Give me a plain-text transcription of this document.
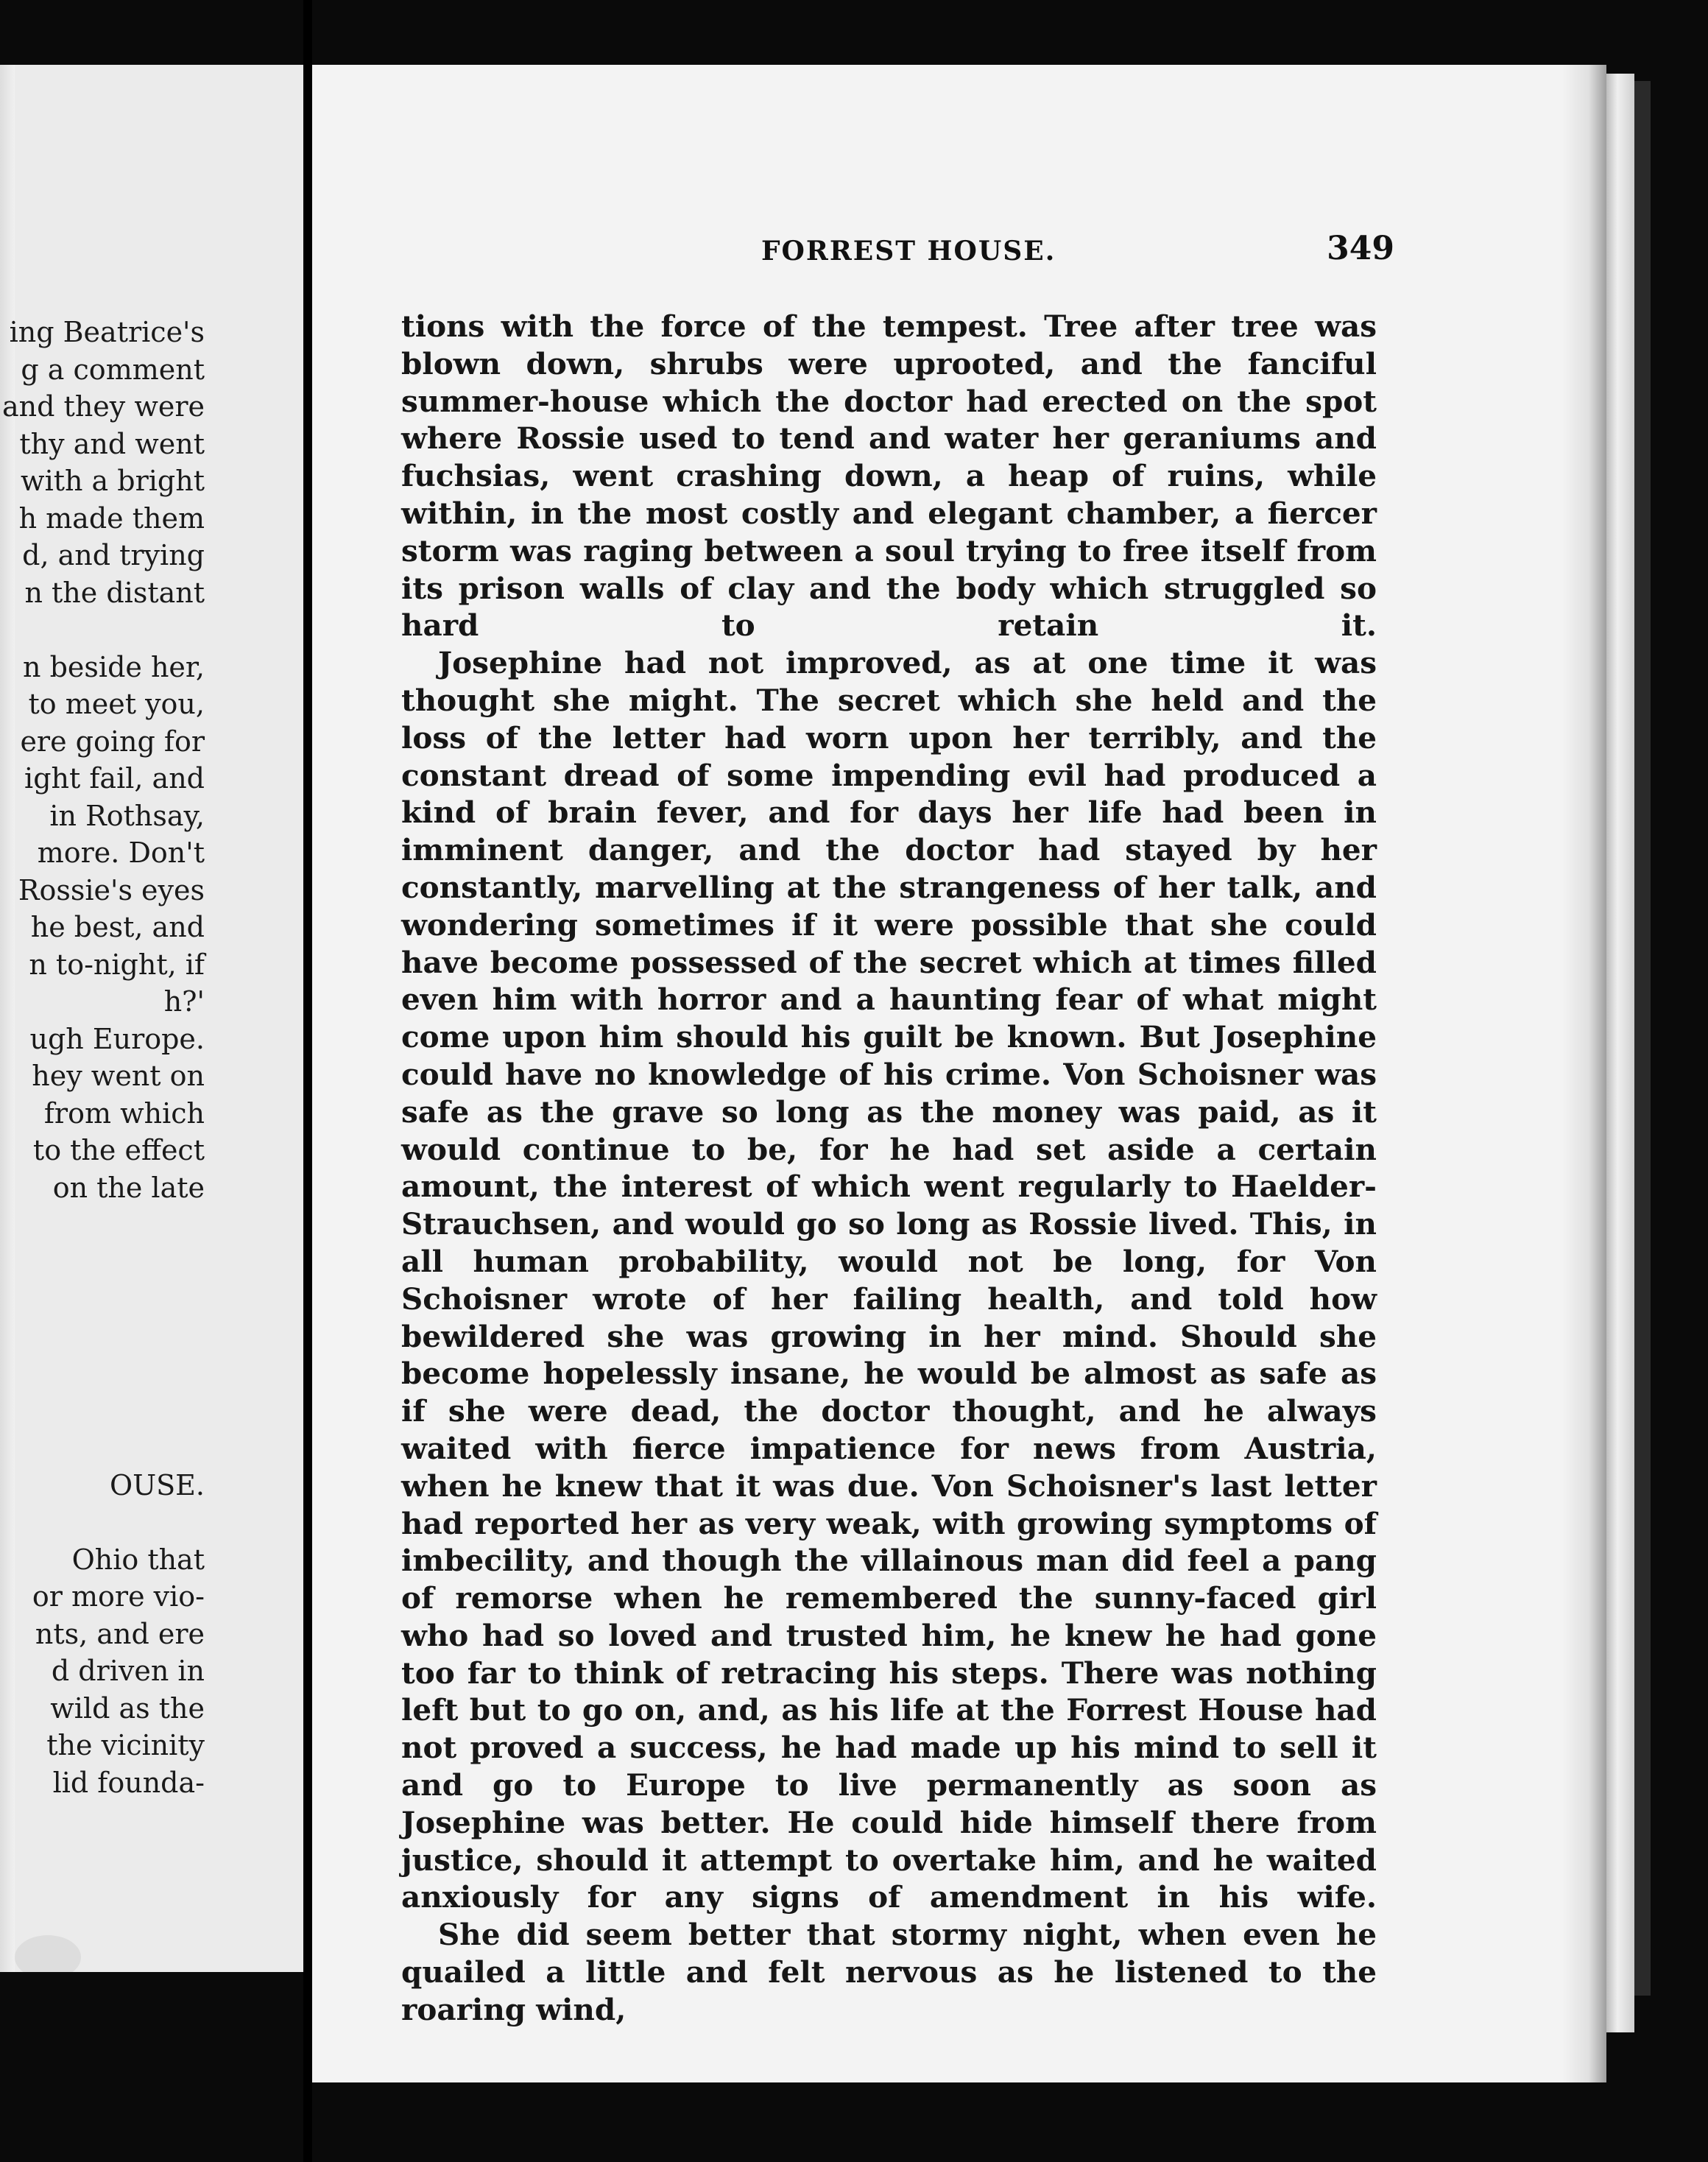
ing Beatrice's
g a comment
and they were
thy and went
with a bright
h made them
d, and trying
n the distant

n beside her,
to meet you,
ere going for
ight fail, and
in Rothsay,
more. Don't
Rossie's eyes
he best, and
n to-night, if
h?'
ugh Europe.
hey went on
from which
to the effect
on the late

OUSE.

Ohio that
or more vio-
nts, and ere
d driven in
wild as the
the vicinity
lid founda-
FORREST HOUSE.	349

tions with the force of the tempest. Tree after tree was blown down, shrubs were uprooted, and the fanciful summer-house which the doctor had erected on the spot where Rossie used to tend and water her geraniums and fuchsias, went crashing down, a heap of ruins, while within, in the most costly and elegant chamber, a fiercer storm was raging between a soul trying to free itself from its prison walls of clay and the body which struggled so hard to retain it.

Josephine had not improved, as at one time it was thought she might. The secret which she held and the loss of the letter had worn upon her terribly, and the constant dread of some impending evil had produced a kind of brain fever, and for days her life had been in imminent danger, and the doctor had stayed by her constantly, marvelling at the strangeness of her talk, and wondering sometimes if it were possible that she could have become possessed of the secret which at times filled even him with horror and a haunting fear of what might come upon him should his guilt be known. But Josephine could have no knowledge of his crime. Von Schoisner was safe as the grave so long as the money was paid, as it would continue to be, for he had set aside a certain amount, the interest of which went regularly to Haelder-Strauchsen, and would go so long as Rossie lived. This, in all human probability, would not be long, for Von Schoisner wrote of her failing health, and told how bewildered she was growing in her mind. Should she become hopelessly insane, he would be almost as safe as if she were dead, the doctor thought, and he always waited with fierce impatience for news from Austria, when he knew that it was due. Von Schoisner's last letter had reported her as very weak, with growing symptoms of imbecility, and though the villainous man did feel a pang of remorse when he remembered the sunny-faced girl who had so loved and trusted him, he knew he had gone too far to think of retracing his steps. There was nothing left but to go on, and, as his life at the Forrest House had not proved a success, he had made up his mind to sell it and go to Europe to live permanently as soon as Josephine was better. He could hide himself there from justice, should it attempt to overtake him, and he waited anxiously for any signs of amendment in his wife.

She did seem better that stormy night, when even he quailed a little and felt nervous as he listened to the roaring wind,
